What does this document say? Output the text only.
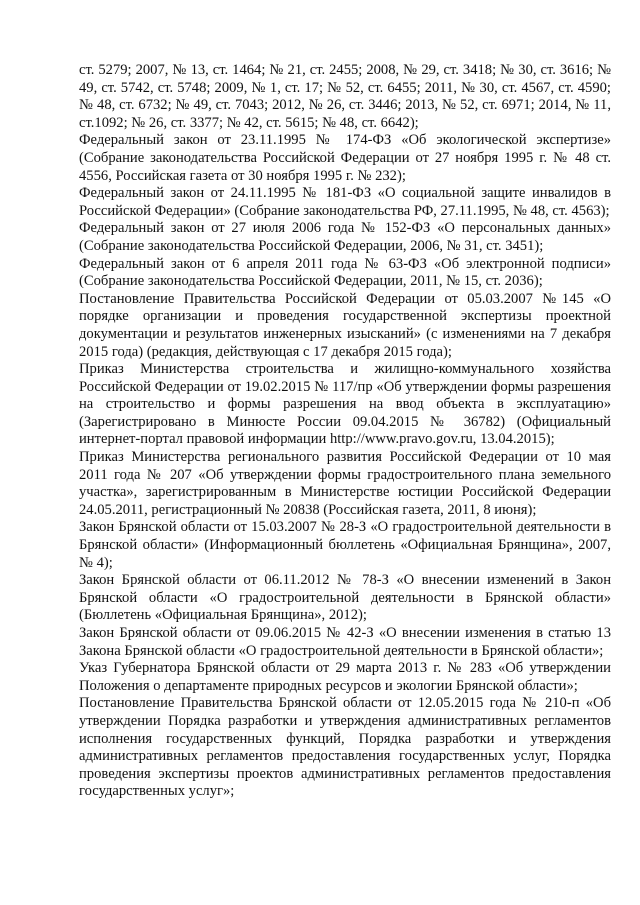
ст. 5279; 2007, № 13, ст. 1464; № 21, ст. 2455; 2008, № 29, ст. 3418; № 30, ст. 3616; № 49, ст. 5742, ст. 5748; 2009, № 1, ст. 17; № 52, ст. 6455; 2011, № 30, ст. 4567, ст. 4590; № 48, ст. 6732; № 49, ст. 7043; 2012, № 26, ст. 3446; 2013, № 52, ст. 6971; 2014, № 11, ст.1092; № 26, ст. 3377; № 42, ст. 5615; № 48, ст. 6642);

Федеральный закон от 23.11.1995 № 174-ФЗ «Об экологической экспертизе» (Собрание законодательства Российской Федерации от 27 ноября 1995 г. № 48 ст. 4556, Российская газета от 30 ноября 1995 г. № 232);

Федеральный закон от 24.11.1995 № 181-ФЗ «О социальной защите инвалидов в Российской Федерации» (Собрание законодательства РФ, 27.11.1995, № 48, ст. 4563);

Федеральный закон от 27 июля 2006 года № 152-ФЗ «О персональных данных» (Собрание законодательства Российской Федерации, 2006, № 31, ст. 3451);

Федеральный закон от 6 апреля 2011 года № 63-ФЗ «Об электронной подписи» (Собрание законодательства Российской Федерации, 2011, № 15, ст. 2036);

Постановление Правительства Российской Федерации от 05.03.2007 №145 «О порядке организации и проведения государственной экспертизы проектной документации и результатов инженерных изысканий» (с изменениями на 7 декабря 2015 года) (редакция, действующая с 17 декабря 2015 года);

Приказ Министерства строительства и жилищно-коммунального хозяйства Российской Федерации от 19.02.2015 № 117/пр «Об утверждении формы разрешения на строительство и формы разрешения на ввод объекта в эксплуатацию» (Зарегистрировано в Минюсте России 09.04.2015 № 36782) (Официальный интернет-портал правовой информации http://www.pravo.gov.ru, 13.04.2015);

Приказ Министерства регионального развития Российской Федерации от 10 мая 2011 года № 207 «Об утверждении формы градостроительного плана земельного участка», зарегистрированным в Министерстве юстиции Российской Федерации 24.05.2011, регистрационный № 20838 (Российская газета, 2011, 8 июня);

Закон Брянской области от 15.03.2007 № 28-З «О градостроительной деятельности в Брянской области» (Информационный бюллетень «Официальная Брянщина», 2007, № 4);

Закон Брянской области от 06.11.2012 № 78-З «О внесении изменений в Закон Брянской области «О градостроительной деятельности в Брянской области» (Бюллетень «Официальная Брянщина», 2012);

Закон Брянской области от 09.06.2015 № 42-З «О внесении изменения в статью 13 Закона Брянской области «О градостроительной деятельности в Брянской области»;

Указ Губернатора Брянской области от 29 марта 2013 г. № 283 «Об утверждении Положения о департаменте природных ресурсов и экологии Брянской области»;

Постановление Правительства Брянской области от 12.05.2015 года № 210-п «Об утверждении Порядка разработки и утверждения административных регламентов исполнения государственных функций, Порядка разработки и утверждения административных регламентов предоставления государственных услуг, Порядка проведения экспертизы проектов административных регламентов предоставления государственных услуг»;
